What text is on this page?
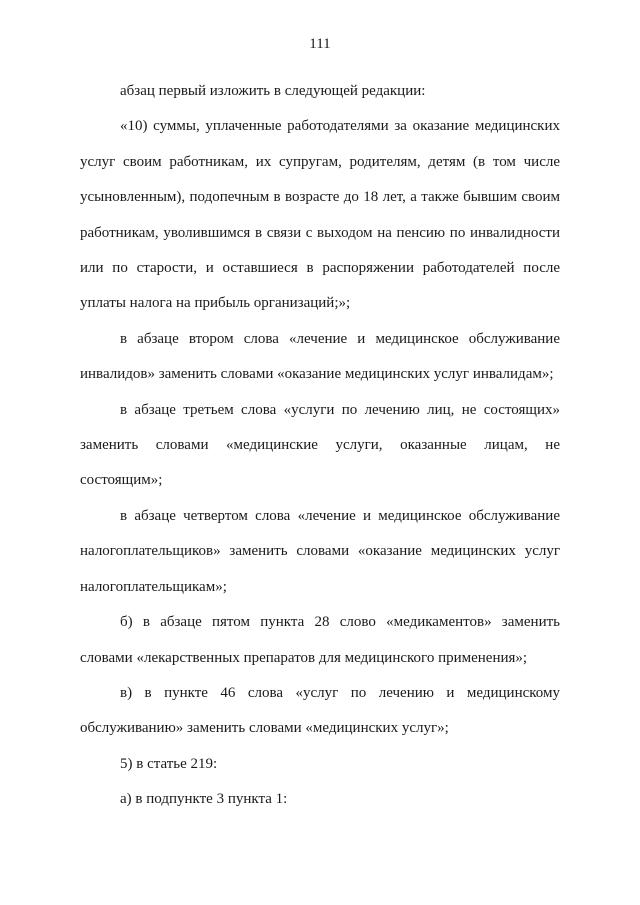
111

абзац первый изложить в следующей редакции:

«10) суммы, уплаченные работодателями за оказание медицинских услуг своим работникам, их супругам, родителям, детям (в том числе усыновленным), подопечным в возрасте до 18 лет, а также бывшим своим работникам, уволившимся в связи с выходом на пенсию по инвалидности или по старости, и оставшиеся в распоряжении работодателей после уплаты налога на прибыль организаций;»;

в абзаце втором слова «лечение и медицинское обслуживание инвалидов» заменить словами «оказание медицинских услуг инвалидам»;

в абзаце третьем слова «услуги по лечению лиц, не состоящих» заменить словами «медицинские услуги, оказанные лицам, не состоящим»;

в абзаце четвертом слова «лечение и медицинское обслуживание налогоплательщиков» заменить словами «оказание медицинских услуг налогоплательщикам»;

б) в абзаце пятом пункта 28 слово «медикаментов» заменить словами «лекарственных препаратов для медицинского применения»;

в) в пункте 46 слова «услуг по лечению и медицинскому обслуживанию» заменить словами «медицинских услуг»;

5) в статье 219:

а) в подпункте 3 пункта 1:
